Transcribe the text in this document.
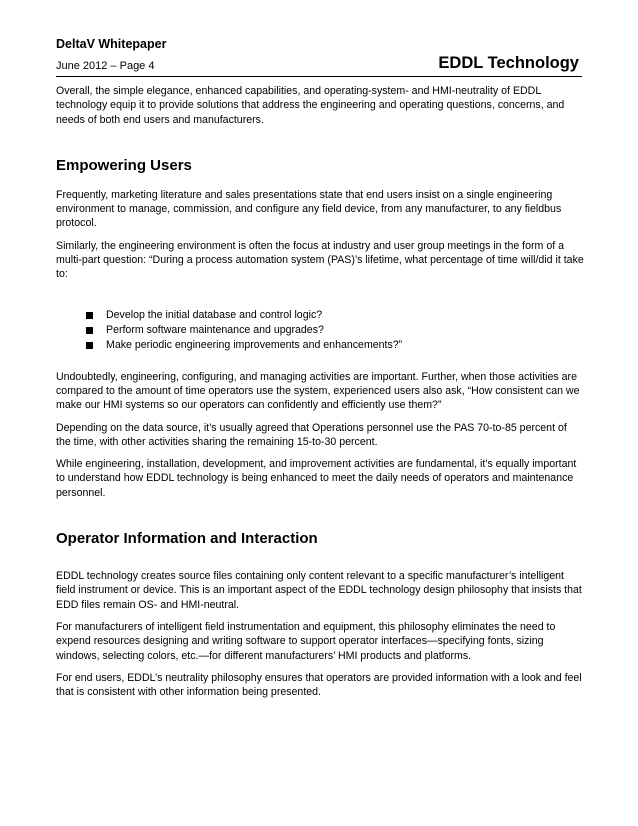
DeltaV Whitepaper
June 2012 – Page 4	EDDL Technology

Overall, the simple elegance, enhanced capabilities, and operating-system- and HMI-neutrality of EDDL technology equip it to provide solutions that address the engineering and operating questions, concerns, and needs of both end users and manufacturers.

Empowering Users

Frequently, marketing literature and sales presentations state that end users insist on a single engineering environment to manage, commission, and configure any field device, from any manufacturer, to any fieldbus protocol.

Similarly, the engineering environment is often the focus at industry and user group meetings in the form of a multi-part question: “During a process automation system (PAS)’s lifetime, what percentage of time will/did it take to:

Develop the initial database and control logic?
Perform software maintenance and upgrades?
Make periodic engineering improvements and enhancements?”

Undoubtedly, engineering, configuring, and managing activities are important. Further, when those activities are compared to the amount of time operators use the system, experienced users also ask, “How consistent can we make our HMI systems so our operators can confidently and efficiently use them?”

Depending on the data source, it’s usually agreed that Operations personnel use the PAS 70-to-85 percent of the time, with other activities sharing the remaining 15-to-30 percent.

While engineering, installation, development, and improvement activities are fundamental, it’s equally important to understand how EDDL technology is being enhanced to meet the daily needs of operators and maintenance personnel.

Operator Information and Interaction

EDDL technology creates source files containing only content relevant to a specific manufacturer’s intelligent field instrument or device. This is an important aspect of the EDDL technology design philosophy that insists that EDD files remain OS- and HMI-neutral.

For manufacturers of intelligent field instrumentation and equipment, this philosophy eliminates the need to expend resources designing and writing software to support operator interfaces—specifying fonts, sizing windows, selecting colors, etc.—for different manufacturers’ HMI products and platforms.

For end users, EDDL’s neutrality philosophy ensures that operators are provided information with a look and feel that is consistent with other information being presented.
